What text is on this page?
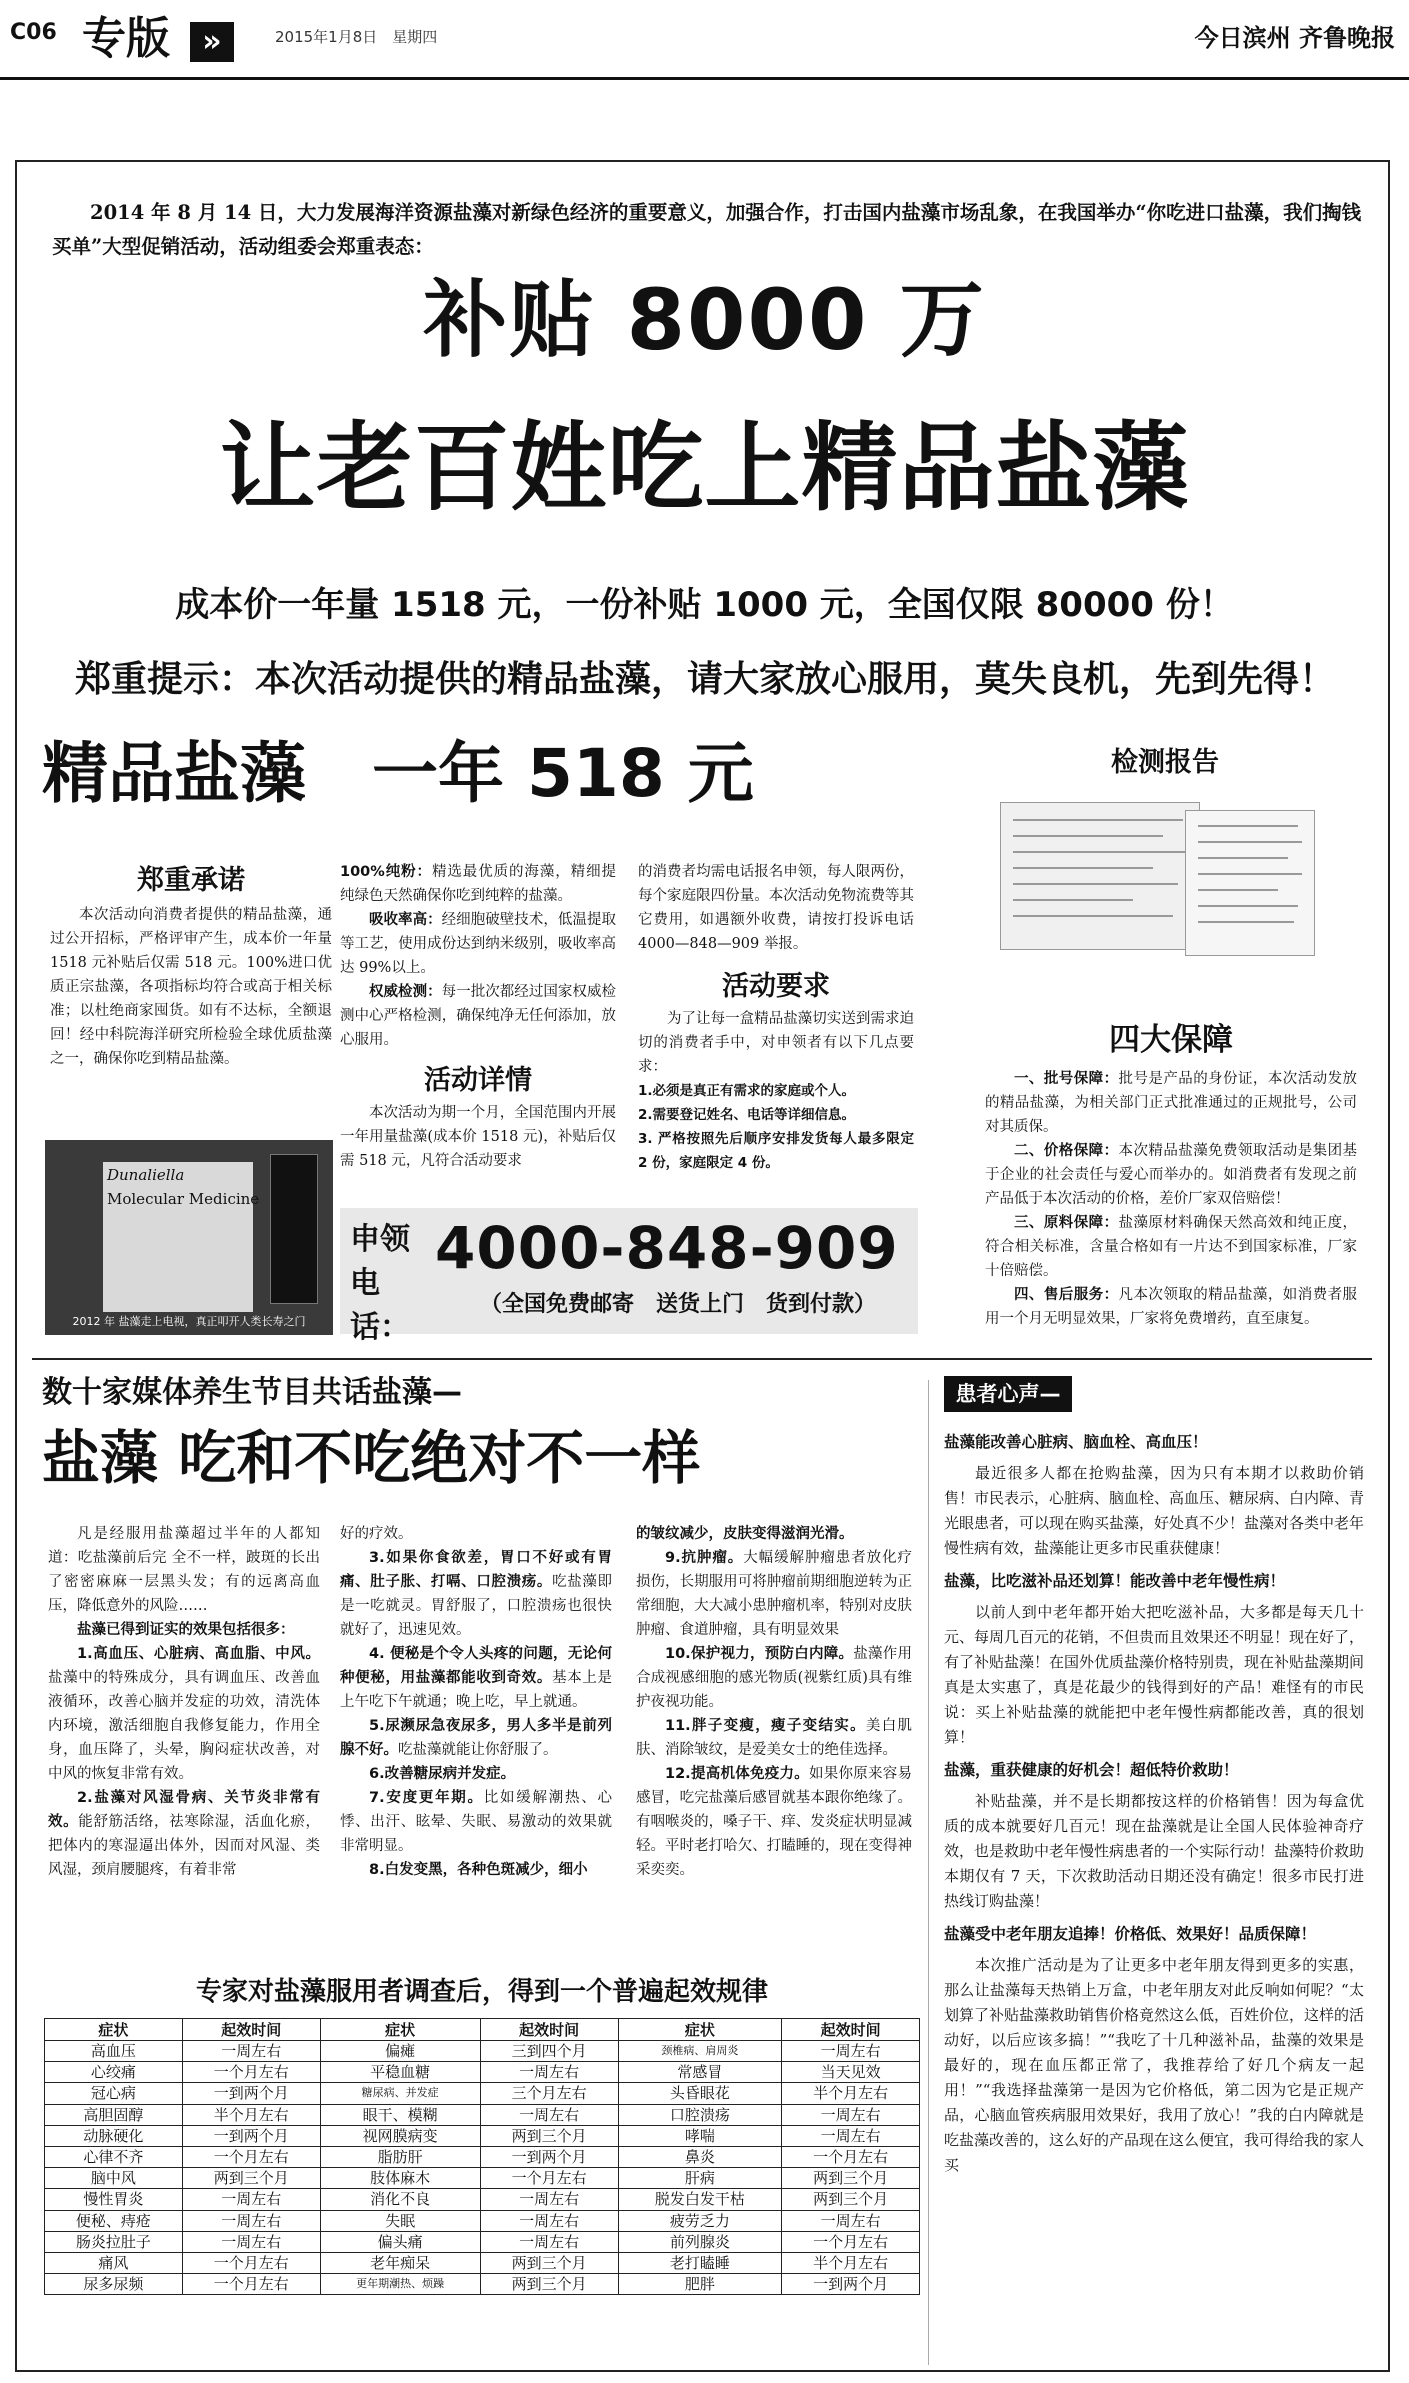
C06 专版	»	2015年1月8日　星期四	今日滨州 齐鲁晚报
2014 年 8 月 14 日，大力发展海洋资源盐藻对新绿色经济的重要意义，加强合作，打击国内盐藻市场乱象，在我国举办“你吃进口盐藻，我们掏钱买单”大型促销活动，活动组委会郑重表态：
补贴 8000 万
让老百姓吃上精品盐藻
成本价一年量 1518 元，一份补贴 1000 元，全国仅限 80000 份！
郑重提示：本次活动提供的精品盐藻，请大家放心服用，莫失良机，先到先得！
精品盐藻　一年 518 元
郑重承诺
本次活动向消费者提供的精品盐藻，通过公开招标，严格评审产生，成本价一年量 1518 元补贴后仅需 518 元。100%进口优质正宗盐藻，各项指标均符合或高于相关标准；以杜绝商家囤货。如有不达标，全额退回！经中科院海洋研究所检验全球优质盐藻之一，确保你吃到精品盐藻。
100%纯粉：精选最优质的海藻，精细提纯绿色天然确保你吃到纯粹的盐藻。
吸收率高：经细胞破壁技术，低温提取等工艺，使用成份达到纳米级别，吸收率高达 99%以上。
权威检测：每一批次都经过国家权威检测中心严格检测，确保纯净无任何添加，放心服用。
活动详情
本次活动为期一个月，全国范围内开展一年用量盐藻(成本价 1518 元)，补贴后仅需 518 元，凡符合活动要求
的消费者均需电话报名申领，每人限两份，每个家庭限四份量。本次活动免物流费等其它费用，如遇额外收费，请按打投诉电话 4000—848—909 举报。
活动要求
为了让每一盒精品盐藻切实送到需求迫切的消费者手中，对申领者有以下几点要求：
1.必须是真正有需求的家庭或个人。
2.需要登记姓名、电话等详细信息。
3. 严格按照先后顺序安排发货每人最多限定 2 份，家庭限定 4 份。
Dunaliella
Molecular Medicine
2012 年 盐藻走上电视，真正叩开人类长寿之门
申领电话：
4000-848-909
（全国免费邮寄　送货上门　货到付款）
检测报告
四大保障
一、批号保障：批号是产品的身份证，本次活动发放的精品盐藻，为相关部门正式批准通过的正规批号，公司对其质保。
二、价格保障：本次精品盐藻免费领取活动是集团基于企业的社会责任与爱心而举办的。如消费者有发现之前产品低于本次活动的价格，差价厂家双倍赔偿！
三、原料保障：盐藻原材料确保天然高效和纯正度，符合相关标准，含量合格如有一片达不到国家标准，厂家十倍赔偿。
四、售后服务：凡本次领取的精品盐藻，如消费者服用一个月无明显效果，厂家将免费增药，直至康复。
数十家媒体养生节目共话盐藻—
盐藻 吃和不吃绝对不一样
凡是经服用盐藻超过半年的人都知道：吃盐藻前后完 全不一样，跛斑的长出了密密麻麻一层黑头发；有的远离高血压，降低意外的风险……
盐藻已得到证实的效果包括很多：
1.高血压、心脏病、高血脂、中风。盐藻中的特殊成分，具有调血压、改善血液循环，改善心脑并发症的功效，清洗体内环境，激活细胞自我修复能力，作用全身，血压降了，头晕，胸闷症状改善，对中风的恢复非常有效。
2.盐藻对风湿骨病、关节炎非常有效。能舒筋活络，祛寒除湿，活血化瘀，把体内的寒湿逼出体外，因而对风湿、类风湿，颈肩腰腿疼，有着非常
好的疗效。
3.如果你食欲差，胃口不好或有胃痛、肚子胀、打嗝、口腔溃疡。吃盐藻即是一吃就灵。胃舒服了，口腔溃疡也很快就好了，迅速见效。
4. 便秘是个令人头疼的问题，无论何种便秘，用盐藻都能收到奇效。基本上是上午吃下午就通；晚上吃，早上就通。
5.尿濒尿急夜尿多，男人多半是前列腺不好。吃盐藻就能让你舒服了。
6.改善糖尿病并发症。
7.安度更年期。比如缓解潮热、心悸、出汗、眩晕、失眠、易激动的效果就非常明显。
8.白发变黑，各种色斑减少，细小
的皱纹减少，皮肤变得滋润光滑。
9.抗肿瘤。大幅缓解肿瘤患者放化疗损伤，长期服用可将肿瘤前期细胞逆转为正常细胞，大大减小患肿瘤机率，特别对皮肤肿瘤、食道肿瘤，具有明显效果
10.保护视力，预防白内障。盐藻作用合成视感细胞的感光物质(视紫红质)具有维护夜视功能。
11.胖子变瘦，瘦子变结实。美白肌肤、消除皱纹，是爱美女士的绝佳选择。
12.提高机体免疫力。如果你原来容易感冒，吃完盐藻后感冒就基本跟你绝缘了。有咽喉炎的，嗓子干、痒、发炎症状明显减轻。平时老打哈欠、打瞌睡的，现在变得神采奕奕。
患者心声—
盐藻能改善心脏病、脑血栓、高血压！

最近很多人都在抢购盐藻，因为只有本期才以救助价销售！市民表示，心脏病、脑血栓、高血压、糖尿病、白内障、青光眼患者，可以现在购买盐藻，好处真不少！盐藻对各类中老年慢性病有效，盐藻能让更多市民重获健康！

盐藻，比吃滋补品还划算！能改善中老年慢性病！

以前人到中老年都开始大把吃滋补品，大多都是每天几十元、每周几百元的花销，不但贵而且效果还不明显！现在好了，有了补贴盐藻！在国外优质盐藻价格特别贵，现在补贴盐藻期间真是太实惠了，真是花最少的钱得到好的产品！难怪有的市民说：买上补贴盐藻的就能把中老年慢性病都能改善，真的很划算！

盐藻，重获健康的好机会！超低特价救助！

补贴盐藻，并不是长期都按这样的价格销售！因为每盒优质的成本就要好几百元！现在盐藻就是让全国人民体验神奇疗效，也是救助中老年慢性病患者的一个实际行动！盐藻特价救助本期仅有 7 天，下次救助活动日期还没有确定！很多市民打进热线订购盐藻！

盐藻受中老年朋友追捧！价格低、效果好！品质保障！

本次推广活动是为了让更多中老年朋友得到更多的实惠，那么让盐藻每天热销上万盒，中老年朋友对此反响如何呢？“太划算了补贴盐藻救助销售价格竟然这么低，百姓价位，这样的活动好，以后应该多搞！”“我吃了十几种滋补品，盐藻的效果是最好的，现在血压都正常了，我推荐给了好几个病友一起用！”“我选择盐藻第一是因为它价格低，第二因为它是正规产品，心脑血管疾病服用效果好，我用了放心！”我的白内障就是吃盐藻改善的，这么好的产品现在这么便宜，我可得给我的家人买

专家对盐藻服用者调查后，得到一个普遍起效规律
症状	起效时间	症状	起效时间	症状	起效时间
高血压	一周左右	偏瘫	三到四个月	颈椎病、肩周炎	一周左右
心绞痛	一个月左右	平稳血糖	一周左右	常感冒	当天见效
冠心病	一到两个月	糖尿病、并发症	三个月左右	头昏眼花	半个月左右
高胆固醇	半个月左右	眼干、模糊	一周左右	口腔溃疡	一周左右
动脉硬化	一到两个月	视网膜病变	两到三个月	哮喘	一周左右
心律不齐	一个月左右	脂肪肝	一到两个月	鼻炎	一个月左右
脑中风	两到三个月	肢体麻木	一个月左右	肝病	两到三个月
慢性胃炎	一周左右	消化不良	一周左右	脱发白发干枯	两到三个月
便秘、痔疮	一周左右	失眠	一周左右	疲劳乏力	一周左右
肠炎拉肚子	一周左右	偏头痛	一周左右	前列腺炎	一个月左右
痛风	一个月左右	老年痴呆	两到三个月	老打瞌睡	半个月左右
尿多尿频	一个月左右	更年期潮热、烦躁	两到三个月	肥胖	一到两个月
